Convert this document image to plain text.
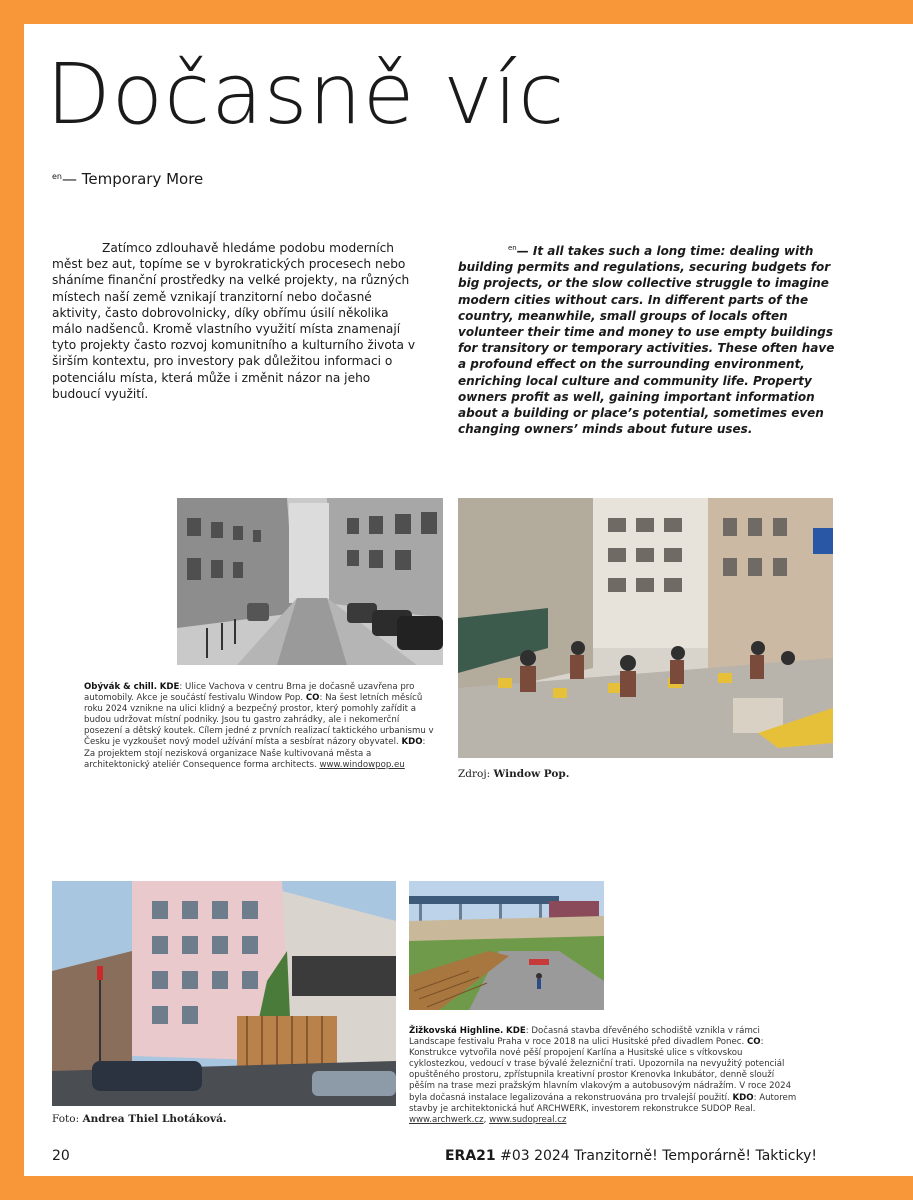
Dočasně víc
$^{en}$— Temporary More

Zatímco zdlouhavě hledáme podobu moderních měst bez aut, topíme se v byrokratických procesech nebo sháníme finanční prostředky na velké projekty, na různých místech naší země vznikají tranzitorní nebo dočasné aktivity, často dobrovolnicky, díky obřímu úsilí několika málo nadšenců. Kromě vlastního využití místa znamenají tyto projekty často rozvoj komunitního a kulturního života v širším kontextu, pro investory pak důležitou informaci o potenciálu místa, která může i změnit názor na jeho budoucí využití.

$^{en}$— It all takes such a long time: dealing with building permits and regulations, securing budgets for big projects, or the slow collective struggle to imagine modern cities without cars. In different parts of the country, meanwhile, small groups of locals often volunteer their time and money to use empty buildings for transitory or temporary activities. These often have a profound effect on the surrounding environment, enriching local culture and community life. Property owners profit as well, gaining important information about a building or place’s potential, sometimes even changing owners’ minds about future uses.

Obývák & chill. KDE: Ulice Vachova v centru Brna je dočasně uzavřena pro automobily. Akce je součástí festivalu Window Pop. CO: Na šest letních měsíců roku 2024 vznikne na ulici klidný a bezpečný prostor, který pomohly zařídit a budou udržovat místní podniky. Jsou tu gastro zahrádky, ale i nekomerční posezení a dětský koutek. Cílem jedné z prvních realizací taktického urbanismu v Česku je vyzkoušet nový model užívání místa a sesbírat názory obyvatel. KDO: Za projektem stojí nezisková organizace Naše kultivovaná města a architektonický ateliér Consequence forma architects. www.windowpop.eu

Zdroj: Window Pop.
Foto: Andrea Thiel Lhotáková.

Žižkovská Highline. KDE: Dočasná stavba dřevěného schodiště vznikla v rámci Landscape festivalu Praha v roce 2018 na ulici Husitské před divadlem Ponec. CO: Konstrukce vytvořila nové pěší propojení Karlína a Husitské ulice s vítkovskou cyklostezkou, vedoucí v trase bývalé železniční trati. Upozornila na nevyužitý potenciál opuštěného prostoru, zpřístupnila kreativní prostor Krenovka Inkubátor, denně slouží pěším na trase mezi pražským hlavním vlakovým a autobusovým nádražím. V roce 2024 byla dočasná instalace legalizována a rekonstruována pro trvalejší použití. KDO: Autorem stavby je architektonická huť ARCHWERK, investorem rekonstrukce SUDOP Real. www.archwerk.cz, www.sudopreal.cz

20	ERA21 #03 2024 Tranzitorně! Temporárně! Takticky!
